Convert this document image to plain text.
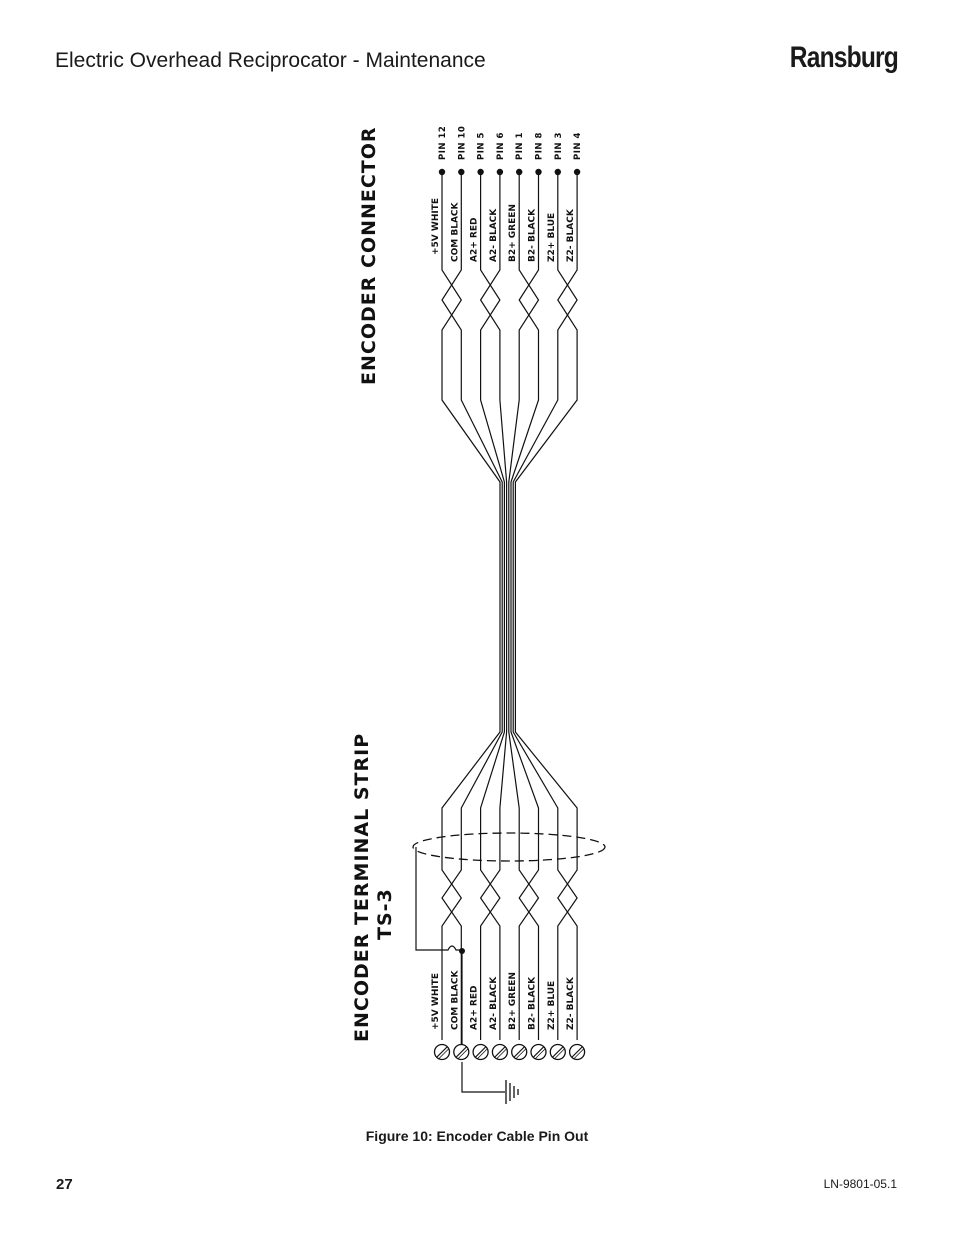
Electric Overhead Reciprocator - Maintenance	Ransburg
PIN 12
+5V WHITE
+5V WHITE
PIN 10
COM BLACK
COM BLACK
PIN 5
A2+ RED
A2+ RED
PIN 6
A2- BLACK
A2- BLACK
PIN 1
B2+ GREEN
B2+ GREEN
PIN 8
B2- BLACK
B2- BLACK
PIN 3
Z2+ BLUE
Z2+ BLUE
PIN 4
Z2- BLACK
Z2- BLACK
ENCODER CONNECTOR
ENCODER TERMINAL STRIP TS-3
Figure 10: Encoder Cable Pin Out
27	LN-9801-05.1
